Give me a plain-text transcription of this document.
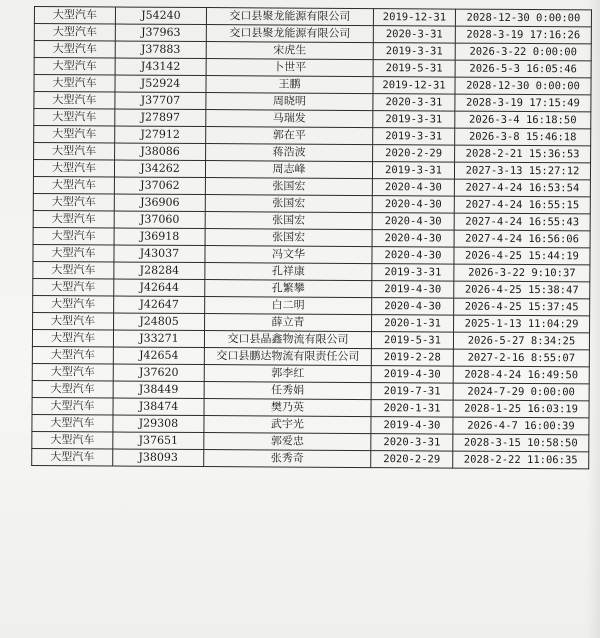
大型汽车	J54240	交口县聚龙能源有限公司	2019-12-31	2028-12-30 0:00:00
大型汽车	J37963	交口县聚龙能源有限公司	2020-3-31	2028-3-19 17:16:26
大型汽车	J37883	宋虎生	2019-3-31	2026-3-22 0:00:00
大型汽车	J43142	卜世平	2019-5-31	2026-5-3 16:05:46
大型汽车	J52924	王鹏	2019-12-31	2028-12-30 0:00:00
大型汽车	J37707	周晓明	2020-3-31	2028-3-19 17:15:49
大型汽车	J27897	马瑞发	2019-3-31	2026-3-4 16:18:50
大型汽车	J27912	郭在平	2019-3-31	2026-3-8 15:46:18
大型汽车	J38086	蒋浩波	2020-2-29	2028-2-21 15:36:53
大型汽车	J34262	周志峰	2019-3-31	2027-3-13 15:27:12
大型汽车	J37062	张国宏	2020-4-30	2027-4-24 16:53:54
大型汽车	J36906	张国宏	2020-4-30	2027-4-24 16:55:15
大型汽车	J37060	张国宏	2020-4-30	2027-4-24 16:55:43
大型汽车	J36918	张国宏	2020-4-30	2027-4-24 16:56:06
大型汽车	J43037	冯文华	2020-4-30	2026-4-25 15:44:19
大型汽车	J28284	孔祥康	2019-3-31	2026-3-22 9:10:37
大型汽车	J42644	孔繁攀	2019-4-30	2026-4-25 15:38:47
大型汽车	J42647	白二明	2020-4-30	2026-4-25 15:37:45
大型汽车	J24805	薛立青	2020-1-31	2025-1-13 11:04:29
大型汽车	J33271	交口县晶鑫物流有限公司	2019-5-31	2026-5-27 8:34:25
大型汽车	J42654	交口县鹏达物流有限责任公司	2019-2-28	2027-2-16 8:55:07
大型汽车	J37620	郭李红	2019-4-30	2028-4-24 16:49:50
大型汽车	J38449	任秀娟	2019-7-31	2024-7-29 0:00:00
大型汽车	J38474	樊乃英	2020-1-31	2028-1-25 16:03:19
大型汽车	J29308	武宇光	2019-4-30	2026-4-7 16:00:39
大型汽车	J37651	郭爱忠	2020-3-31	2028-3-15 10:58:50
大型汽车	J38093	张秀奇	2020-2-29	2028-2-22 11:06:35
